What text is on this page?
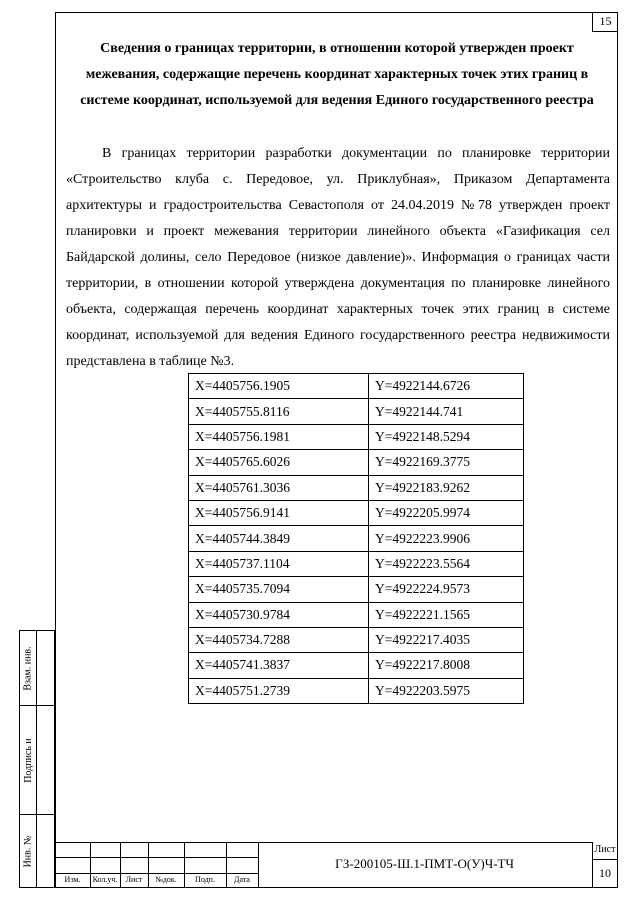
15
Сведения о границах территории, в отношении которой утвержден проект межевания, содержащие перечень координат характерных точек этих границ в системе координат, используемой для ведения Единого государственного реестра
В границах территории разработки документации по планировке территории «Строительство клуба с. Передовое, ул. Приклубная», Приказом Департамента архитектуры и градостроительства Севастополя от 24.04.2019 №78 утвержден проект планировки и проект межевания территории линейного объекта «Газификация сел Байдарской долины, село Передовое (низкое давление)». Информация о границах части территории, в отношении которой утверждена документация по планировке линейного объекта, содержащая перечень координат характерных точек этих границ в системе координат, используемой для ведения Единого государственного реестра недвижимости представлена в таблице №3.
X=4405756.1905	Y=4922144.6726
X=4405755.8116	Y=4922144.741
X=4405756.1981	Y=4922148.5294
X=4405765.6026	Y=4922169.3775
X=4405761.3036	Y=4922183.9262
X=4405756.9141	Y=4922205.9974
X=4405744.3849	Y=4922223.9906
X=4405737.1104	Y=4922223.5564
X=4405735.7094	Y=4922224.9573
X=4405730.9784	Y=4922221.1565
X=4405734.7288	Y=4922217.4035
X=4405741.3837	Y=4922217.8008
X=4405751.2739	Y=4922203.5975
Взам. инв.
Подпись и
Инв. №
Изм.	Кол.уч.	Лист	№док.	Подп.	Дата
ГЗ-200105-Ш.1-ПМТ-О(У)Ч-ТЧ
Лист
10
